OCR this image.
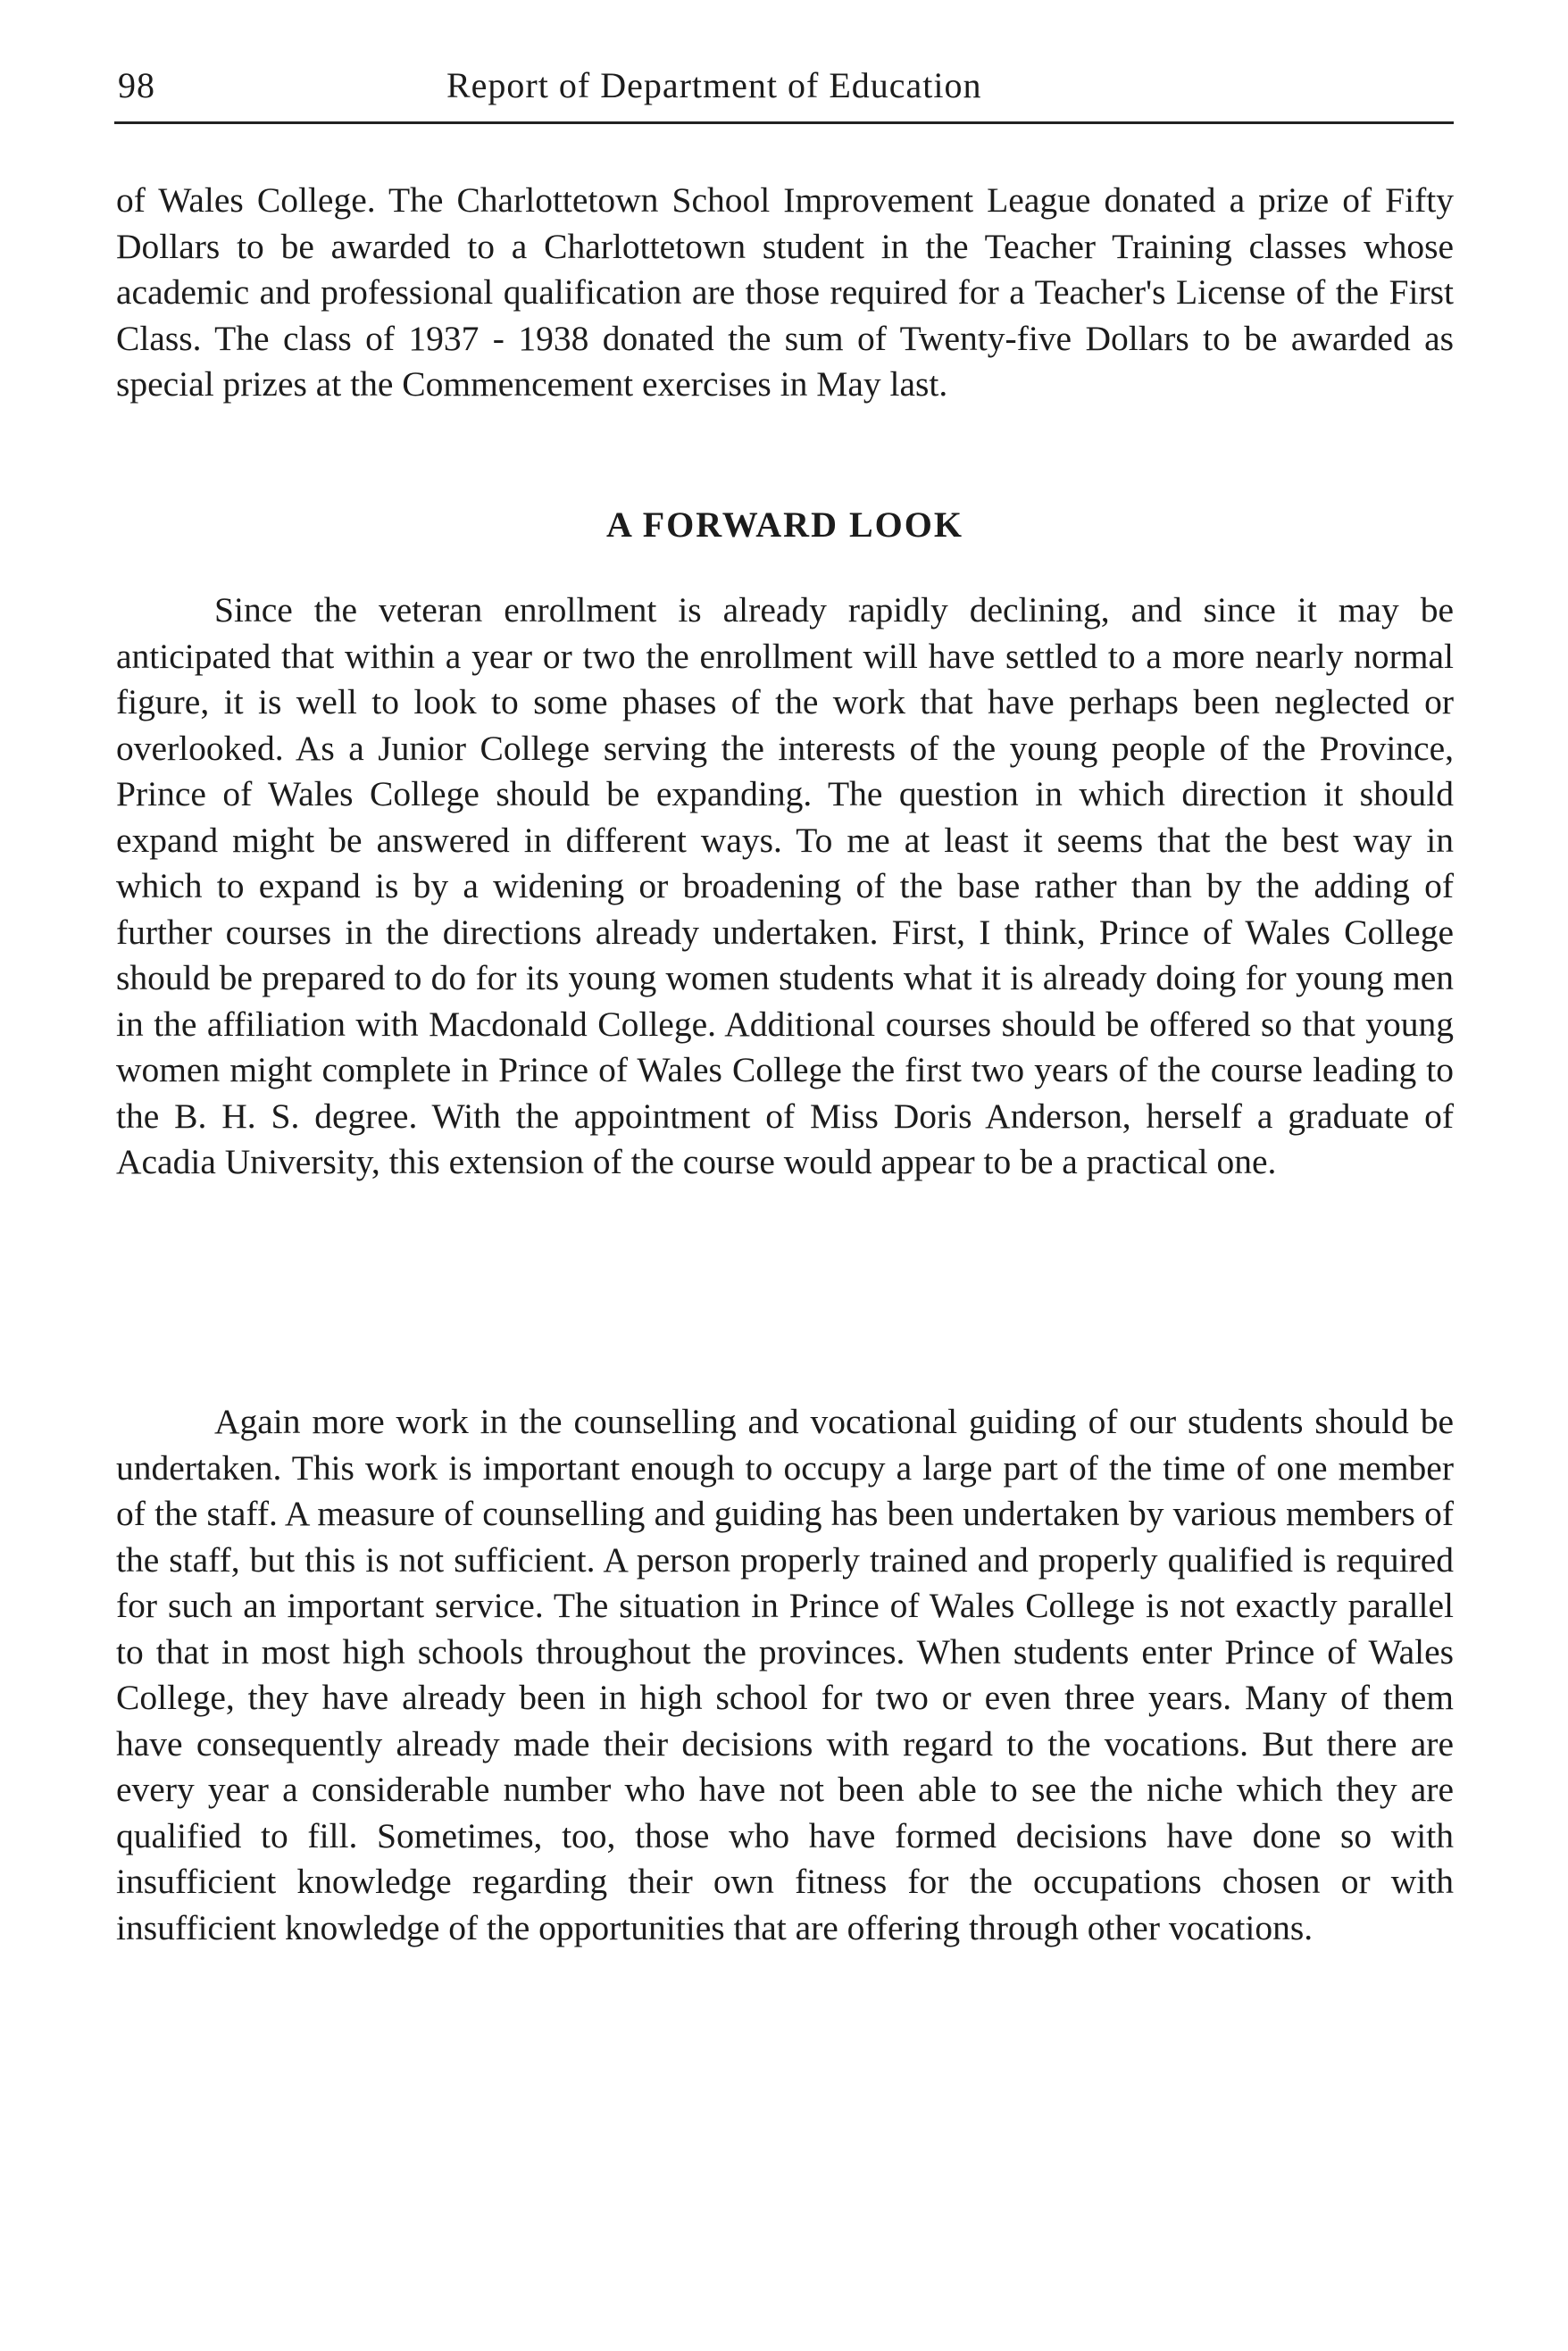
98	Report of Department of Education

of Wales College. The Charlottetown School Improvement League donated a prize of Fifty Dollars to be awarded to a Charlottetown student in the Teacher Training classes whose academic and professional qualification are those required for a Teacher's License of the First Class. The class of 1937 - 1938 donated the sum of Twenty-five Dollars to be awarded as special prizes at the Commencement exercises in May last.

A FORWARD LOOK

Since the veteran enrollment is already rapidly declining, and since it may be anticipated that within a year or two the enrollment will have settled to a more nearly normal figure, it is well to look to some phases of the work that have perhaps been neglected or overlooked. As a Junior College serving the interests of the young people of the Province, Prince of Wales College should be expanding. The question in which direction it should expand might be answered in different ways. To me at least it seems that the best way in which to expand is by a widening or broadening of the base rather than by the adding of further courses in the directions already undertaken. First, I think, Prince of Wales College should be prepared to do for its young women students what it is already doing for young men in the affiliation with Macdonald College. Additional courses should be offered so that young women might complete in Prince of Wales College the first two years of the course leading to the B. H. S. degree. With the appointment of Miss Doris Anderson, herself a graduate of Acadia University, this extension of the course would appear to be a practical one.

Again more work in the counselling and vocational guiding of our students should be undertaken. This work is important enough to occupy a large part of the time of one member of the staff. A measure of counselling and guiding has been undertaken by various members of the staff, but this is not sufficient. A person properly trained and properly qualified is required for such an important service. The situation in Prince of Wales College is not exactly parallel to that in most high schools throughout the provinces. When students enter Prince of Wales College, they have already been in high school for two or even three years. Many of them have consequently already made their decisions with regard to the vocations. But there are every year a considerable number who have not been able to see the niche which they are qualified to fill. Sometimes, too, those who have formed decisions have done so with insufficient knowledge regarding their own fitness for the occupations chosen or with insufficient knowledge of the opportunities that are offering through other vocations.
